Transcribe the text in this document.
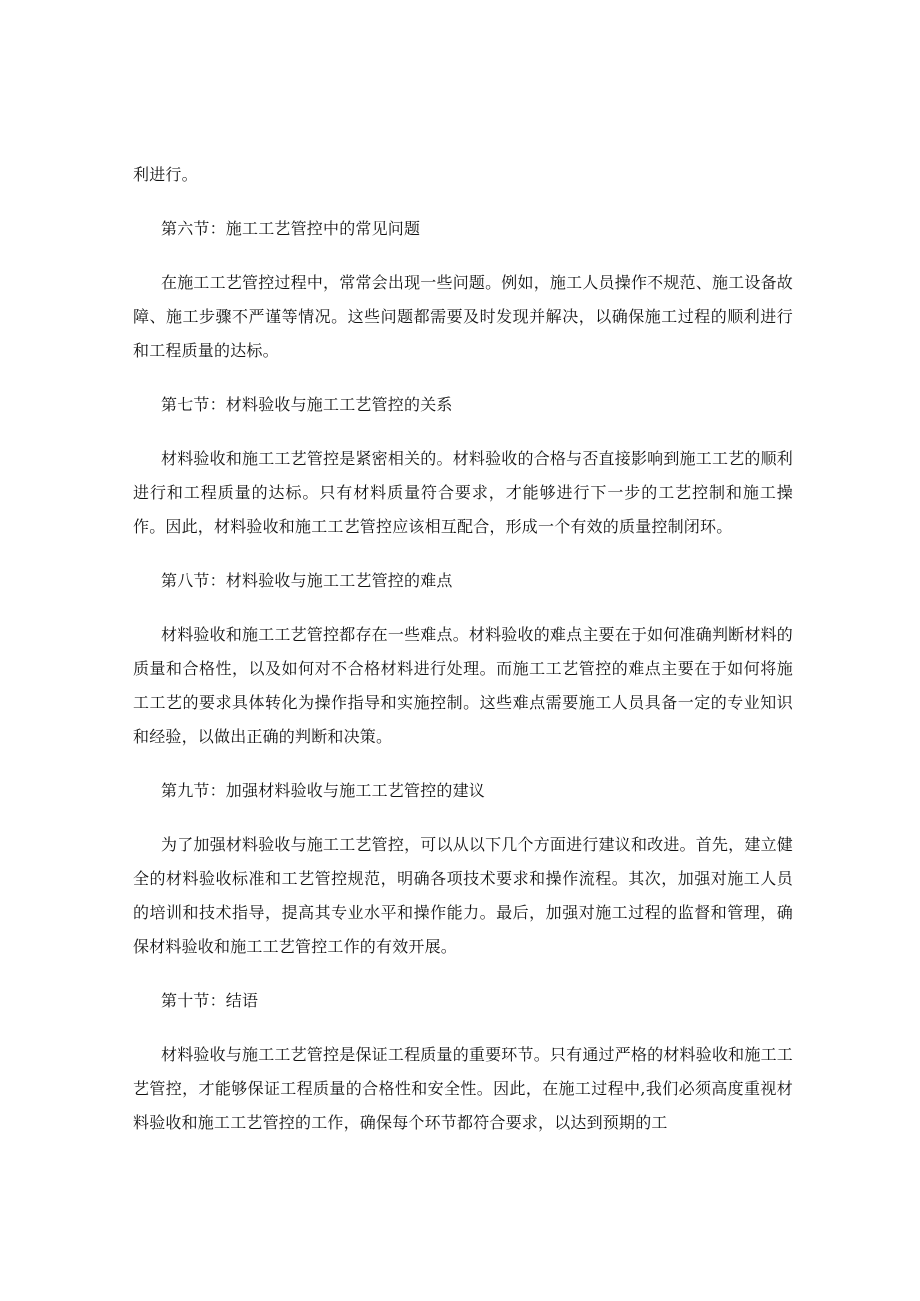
利进行。

第六节：施工工艺管控中的常见问题

在施工工艺管控过程中，常常会出现一些问题。例如，施工人员操作不规范、施工设备故障、施工步骤不严谨等情况。这些问题都需要及时发现并解决，以确保施工过程的顺利进行和工程质量的达标。

第七节：材料验收与施工工艺管控的关系

材料验收和施工工艺管控是紧密相关的。材料验收的合格与否直接影响到施工工艺的顺利进行和工程质量的达标。只有材料质量符合要求，才能够进行下一步的工艺控制和施工操作。因此，材料验收和施工工艺管控应该相互配合，形成一个有效的质量控制闭环。

第八节：材料验收与施工工艺管控的难点

材料验收和施工工艺管控都存在一些难点。材料验收的难点主要在于如何准确判断材料的质量和合格性，以及如何对不合格材料进行处理。而施工工艺管控的难点主要在于如何将施工工艺的要求具体转化为操作指导和实施控制。这些难点需要施工人员具备一定的专业知识和经验，以做出正确的判断和决策。

第九节：加强材料验收与施工工艺管控的建议

为了加强材料验收与施工工艺管控，可以从以下几个方面进行建议和改进。首先，建立健全的材料验收标准和工艺管控规范，明确各项技术要求和操作流程。其次，加强对施工人员的培训和技术指导，提高其专业水平和操作能力。最后，加强对施工过程的监督和管理，确保材料验收和施工工艺管控工作的有效开展。

第十节：结语

材料验收与施工工艺管控是保证工程质量的重要环节。只有通过严格的材料验收和施工工艺管控，才能够保证工程质量的合格性和安全性。因此，在施工过程中,我们必须高度重视材料验收和施工工艺管控的工作，确保每个环节都符合要求，以达到预期的工
